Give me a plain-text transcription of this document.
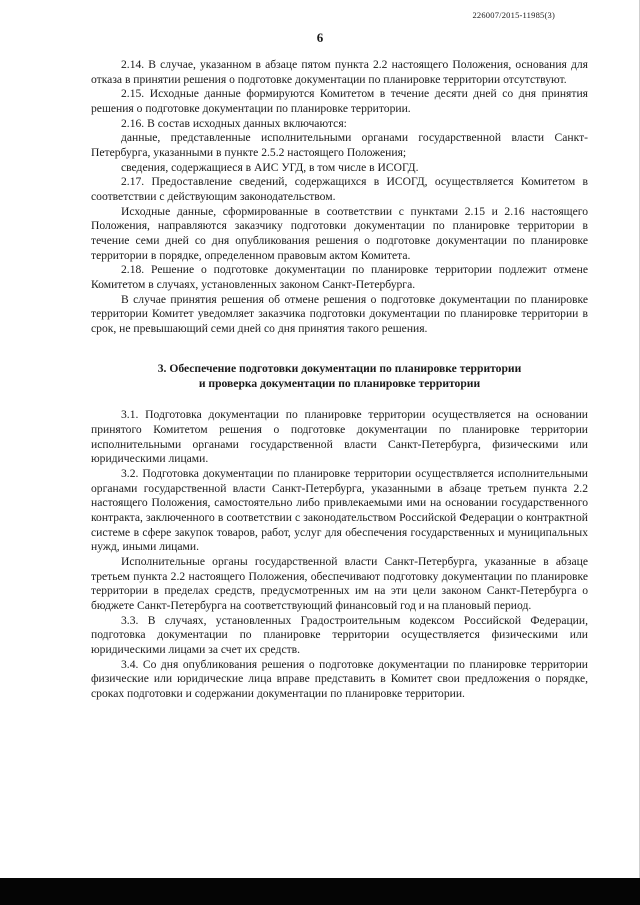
226007/2015-11985(3)
6

2.14. В случае, указанном в абзаце пятом пункта 2.2 настоящего Положения, основания для отказа в принятии решения о подготовке документации по планировке территории отсутствуют.

2.15. Исходные данные формируются Комитетом в течение десяти дней со дня принятия решения о подготовке документации по планировке территории.

2.16. В состав исходных данных включаются:

данные, представленные исполнительными органами государственной власти Санкт-Петербурга, указанными в пункте 2.5.2 настоящего Положения;

сведения, содержащиеся в АИС УГД, в том числе в ИСОГД.

2.17. Предоставление сведений, содержащихся в ИСОГД, осуществляется Комитетом в соответствии с действующим законодательством.

Исходные данные, сформированные в соответствии с пунктами 2.15 и 2.16 настоящего Положения, направляются заказчику подготовки документации по планировке территории в течение семи дней со дня опубликования решения о подготовке документации по планировке территории в порядке, определенном правовым актом Комитета.

2.18. Решение о подготовке документации по планировке территории подлежит отмене Комитетом в случаях, установленных законом Санкт-Петербурга.

В случае принятия решения об отмене решения о подготовке документации по планировке территории Комитет уведомляет заказчика подготовки документации по планировке территории в срок, не превышающий семи дней со дня принятия такого решения.

3. Обеспечение подготовки документации по планировке территории
и проверка документации по планировке территории

3.1. Подготовка документации по планировке территории осуществляется на основании принятого Комитетом решения о подготовке документации по планировке территории исполнительными органами государственной власти Санкт-Петербурга, физическими или юридическими лицами.

3.2. Подготовка документации по планировке территории осуществляется исполнительными органами государственной власти Санкт-Петербурга, указанными в абзаце третьем пункта 2.2 настоящего Положения, самостоятельно либо привлекаемыми ими на основании государственного контракта, заключенного в соответствии с законодательством Российской Федерации о контрактной системе в сфере закупок товаров, работ, услуг для обеспечения государственных и муниципальных нужд, иными лицами.

Исполнительные органы государственной власти Санкт-Петербурга, указанные в абзаце третьем пункта 2.2 настоящего Положения, обеспечивают подготовку документации по планировке территории в пределах средств, предусмотренных им на эти цели законом Санкт-Петербурга о бюджете Санкт-Петербурга на соответствующий финансовый год и на плановый период.

3.3. В случаях, установленных Градостроительным кодексом Российской Федерации, подготовка документации по планировке территории осуществляется физическими или юридическими лицами за счет их средств.

3.4. Со дня опубликования решения о подготовке документации по планировке территории физические или юридические лица вправе представить в Комитет свои предложения о порядке, сроках подготовки и содержании документации по планировке территории.
